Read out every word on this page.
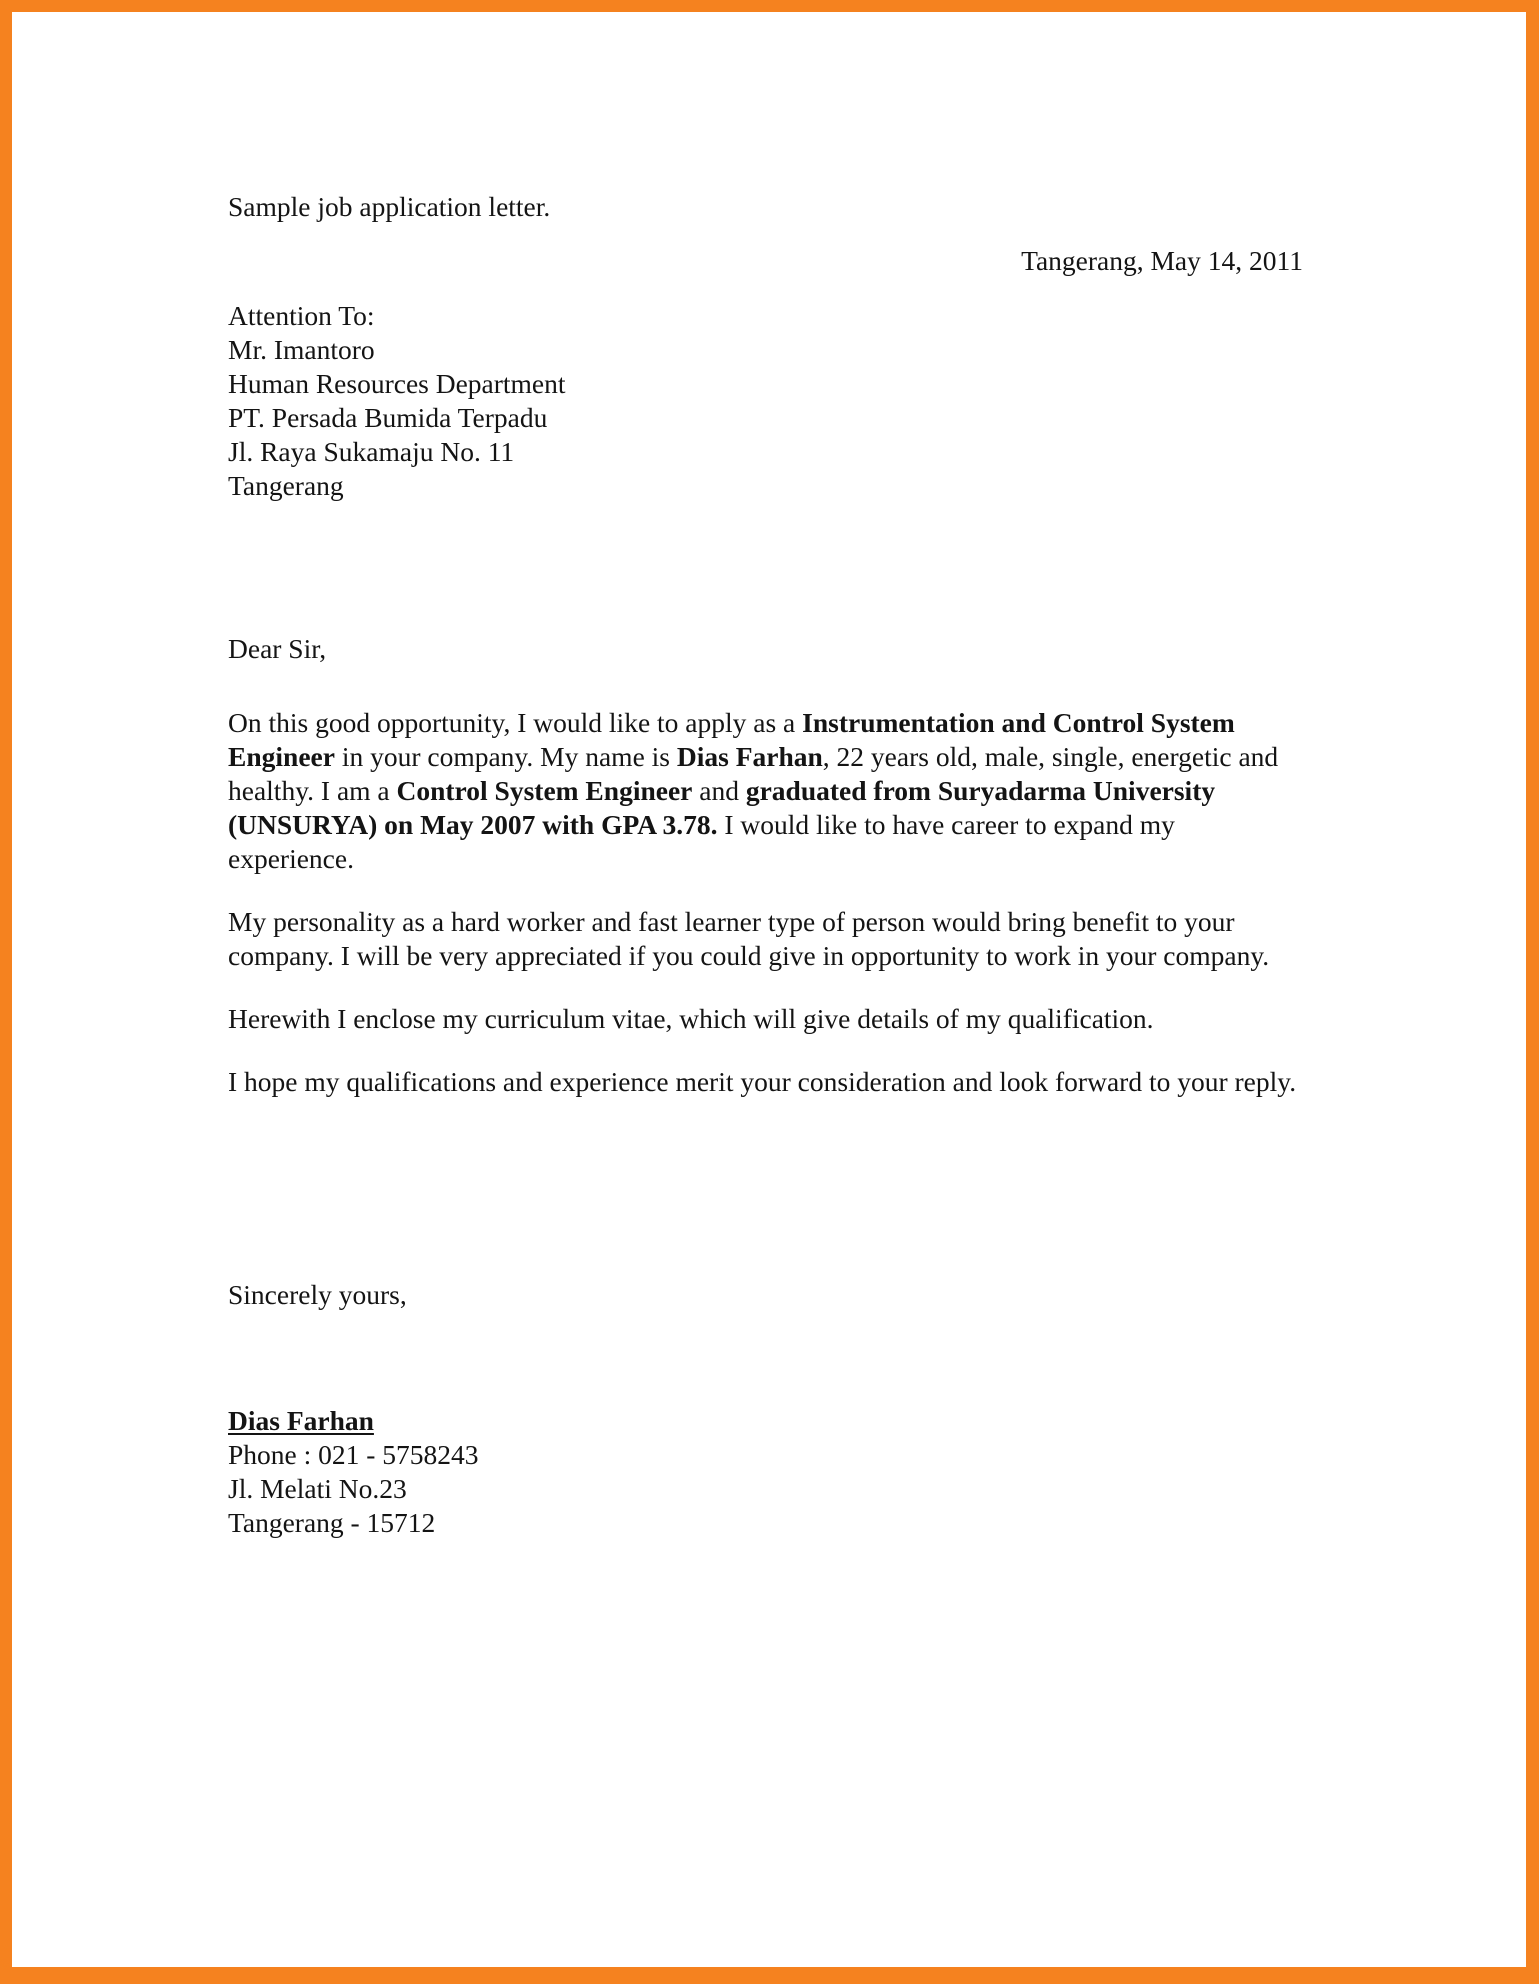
Sample job application letter.
Tangerang, May 14, 2011
Attention To:
Mr. Imantoro
Human Resources Department
PT. Persada Bumida Terpadu
Jl. Raya Sukamaju No. 11
Tangerang
Dear Sir,

On this good opportunity, I would like to apply as a Instrumentation and Control System Engineer in your company. My name is Dias Farhan, 22 years old, male, single, energetic and healthy. I am a Control System Engineer and graduated from Suryadarma University (UNSURYA) on May 2007 with GPA 3.78. I would like to have career to expand my experience.

My personality as a hard worker and fast learner type of person would bring benefit to your company. I will be very appreciated if you could give in opportunity to work in your company.

Herewith I enclose my curriculum vitae, which will give details of my qualification.

I hope my qualifications and experience merit your consideration and look forward to your reply.

Sincerely yours,
Dias Farhan
Phone : 021 - 5758243
Jl. Melati No.23
Tangerang - 15712
